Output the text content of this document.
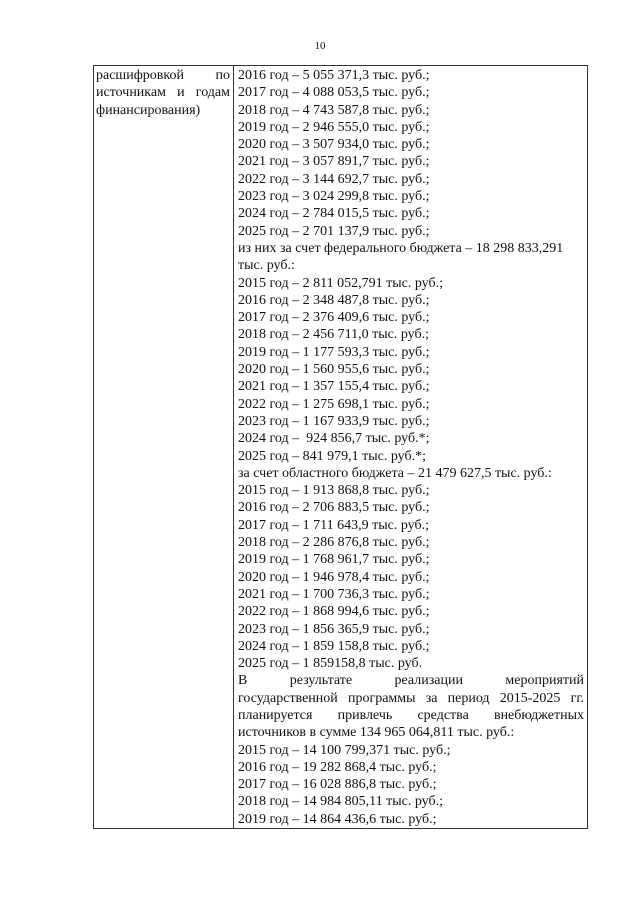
10
расшифровкой по источникам и годам финансирования)
2016 год – 5 055 371,3 тыс. руб.;
2017 год – 4 088 053,5 тыс. руб.;
2018 год – 4 743 587,8 тыс. руб.;
2019 год – 2 946 555,0 тыс. руб.;
2020 год – 3 507 934,0 тыс. руб.;
2021 год – 3 057 891,7 тыс. руб.;
2022 год – 3 144 692,7 тыс. руб.;
2023 год – 3 024 299,8 тыс. руб.;
2024 год – 2 784 015,5 тыс. руб.;
2025 год – 2 701 137,9 тыс. руб.;
из них за счет федерального бюджета – 18 298 833,291 тыс. руб.:
2015 год – 2 811 052,791 тыс. руб.;
2016 год – 2 348 487,8 тыс. руб.;
2017 год – 2 376 409,6 тыс. руб.;
2018 год – 2 456 711,0 тыс. руб.;
2019 год – 1 177 593,3 тыс. руб.;
2020 год – 1 560 955,6 тыс. руб.;
2021 год – 1 357 155,4 тыс. руб.;
2022 год – 1 275 698,1 тыс. руб.;
2023 год – 1 167 933,9 тыс. руб.;
2024 год –  924 856,7 тыс. руб.*;
2025 год – 841 979,1 тыс. руб.*;
за счет областного бюджета – 21 479 627,5 тыс. руб.:
2015 год – 1 913 868,8 тыс. руб.;
2016 год – 2 706 883,5 тыс. руб.;
2017 год – 1 711 643,9 тыс. руб.;
2018 год – 2 286 876,8 тыс. руб.;
2019 год – 1 768 961,7 тыс. руб.;
2020 год – 1 946 978,4 тыс. руб.;
2021 год – 1 700 736,3 тыс. руб.;
2022 год – 1 868 994,6 тыс. руб.;
2023 год – 1 856 365,9 тыс. руб.;
2024 год – 1 859 158,8 тыс. руб.;
2025 год – 1 859158,8 тыс. руб.
В результате реализации мероприятий
государственной программы за период 2015-2025 гг.
планируется привлечь средства внебюджетных
источников в сумме 134 965 064,811 тыс. руб.:
2015 год – 14 100 799,371 тыс. руб.;
2016 год – 19 282 868,4 тыс. руб.;
2017 год – 16 028 886,8 тыс. руб.;
2018 год – 14 984 805,11 тыс. руб.;
2019 год – 14 864 436,6 тыс. руб.;
